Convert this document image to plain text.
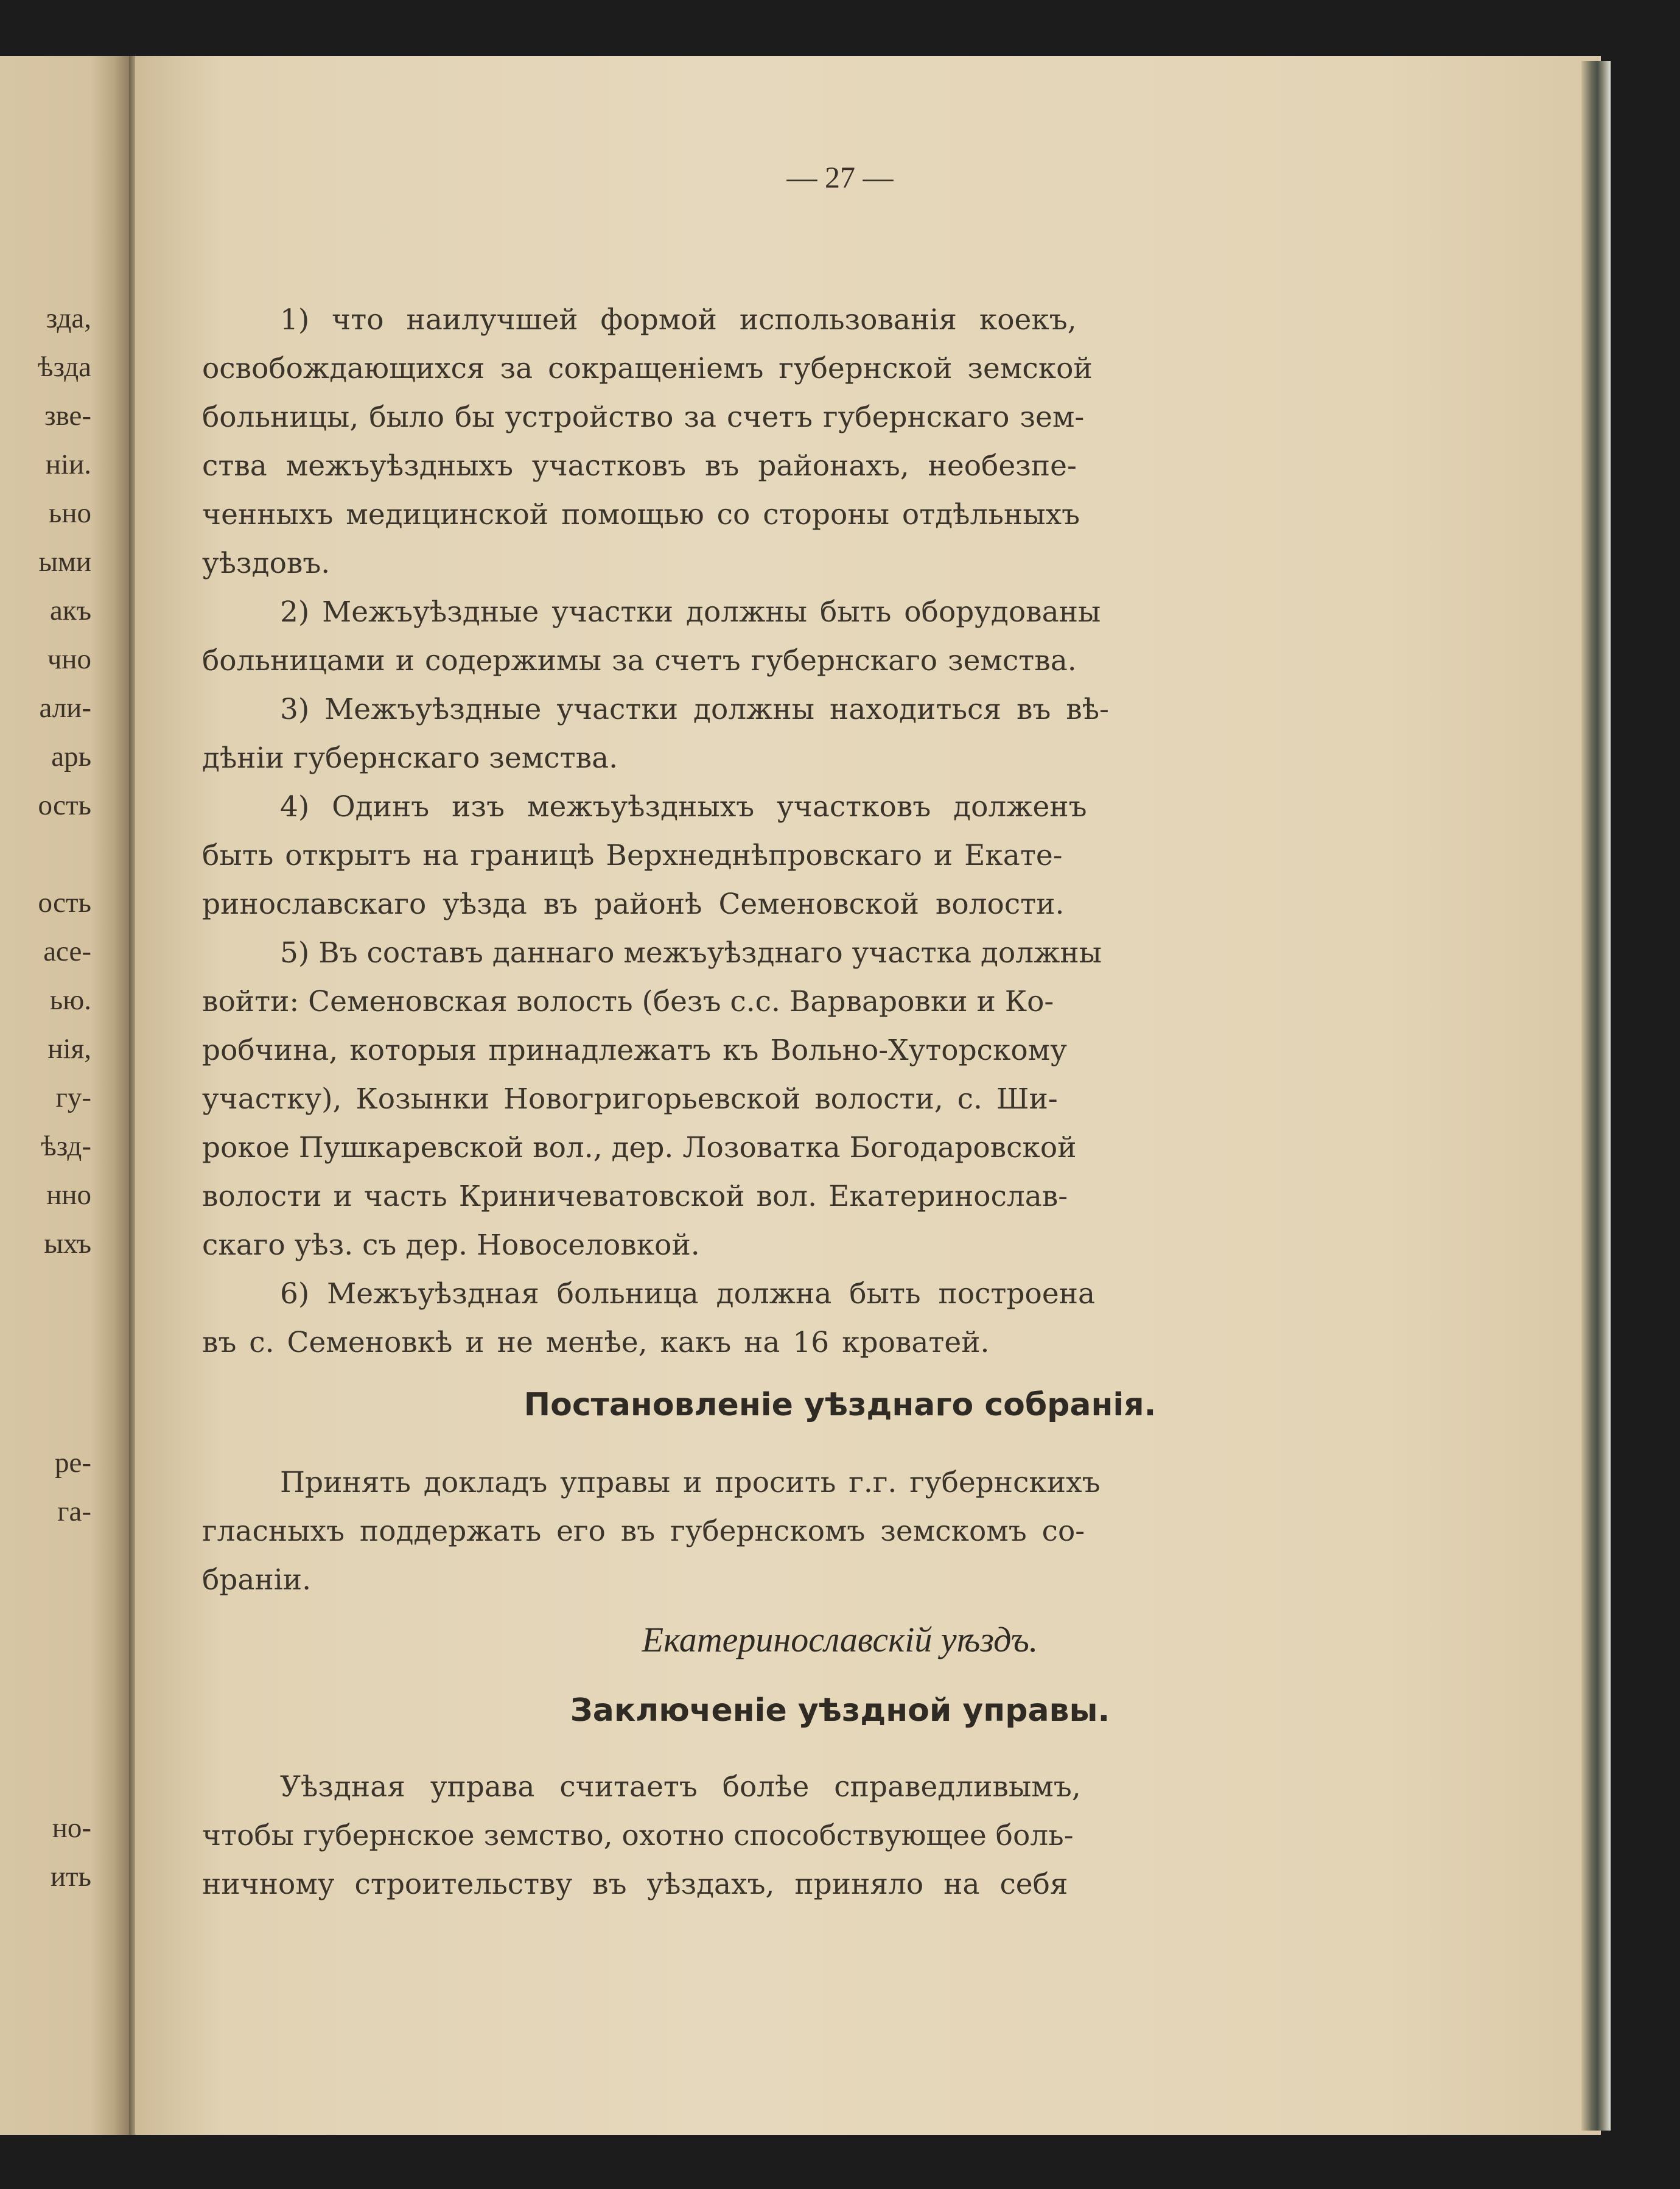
зда,
ѣзда
зве-
ніи.
ьно
ыми
акъ
чно
али-
арь
ость
ость
асе-
ью.
нія,
гу-
ѣзд-
нно
ыхъ
ре-
га-
но-
ить
— 27 —
1) что наилучшей формой использованія коекъ,
освобождающихся за сокращеніемъ губернской земской
больницы, было бы устройство за счетъ губернскаго зем-
ства межъуѣздныхъ участковъ въ районахъ, необезпе-
ченныхъ медицинской помощью со стороны отдѣльныхъ
уѣздовъ.
2) Межъуѣздные участки должны быть оборудованы
больницами и содержимы за счетъ губернскаго земства.
3) Межъуѣздные участки должны находиться въ вѣ-
дѣніи губернскаго земства.
4) Одинъ изъ межъуѣздныхъ участковъ долженъ
быть открытъ на границѣ Верхнеднѣпровскаго и Екате-
ринославскаго уѣзда въ районѣ Семеновской волости.
5) Въ составъ даннаго межъуѣзднаго участка должны
войти: Семеновская волость (безъ с.с. Варваровки и Ко-
робчина, которыя принадлежатъ къ Вольно-Хуторскому
участку), Козынки Новогригорьевской волости, с. Ши-
рокое Пушкаревской вол., дер. Лозоватка Богодаровской
волости и часть Криничеватовской вол. Екатеринослав-
скаго уѣз. съ дер. Новоселовкой.
6) Межъуѣздная больница должна быть построена
въ с. Семеновкѣ и не менѣе, какъ на 16 кроватей.
Постановленіе уѣзднаго собранія.
Принять докладъ управы и просить г.г. губернскихъ
гласныхъ поддержать его въ губернскомъ земскомъ со-
браніи.
Екатеринославскій уѣздъ.
Заключеніе уѣздной управы.
Уѣздная управа считаетъ болѣе справедливымъ,
чтобы губернское земство, охотно способствующее боль-
ничному строительству въ уѣздахъ, приняло на себя
